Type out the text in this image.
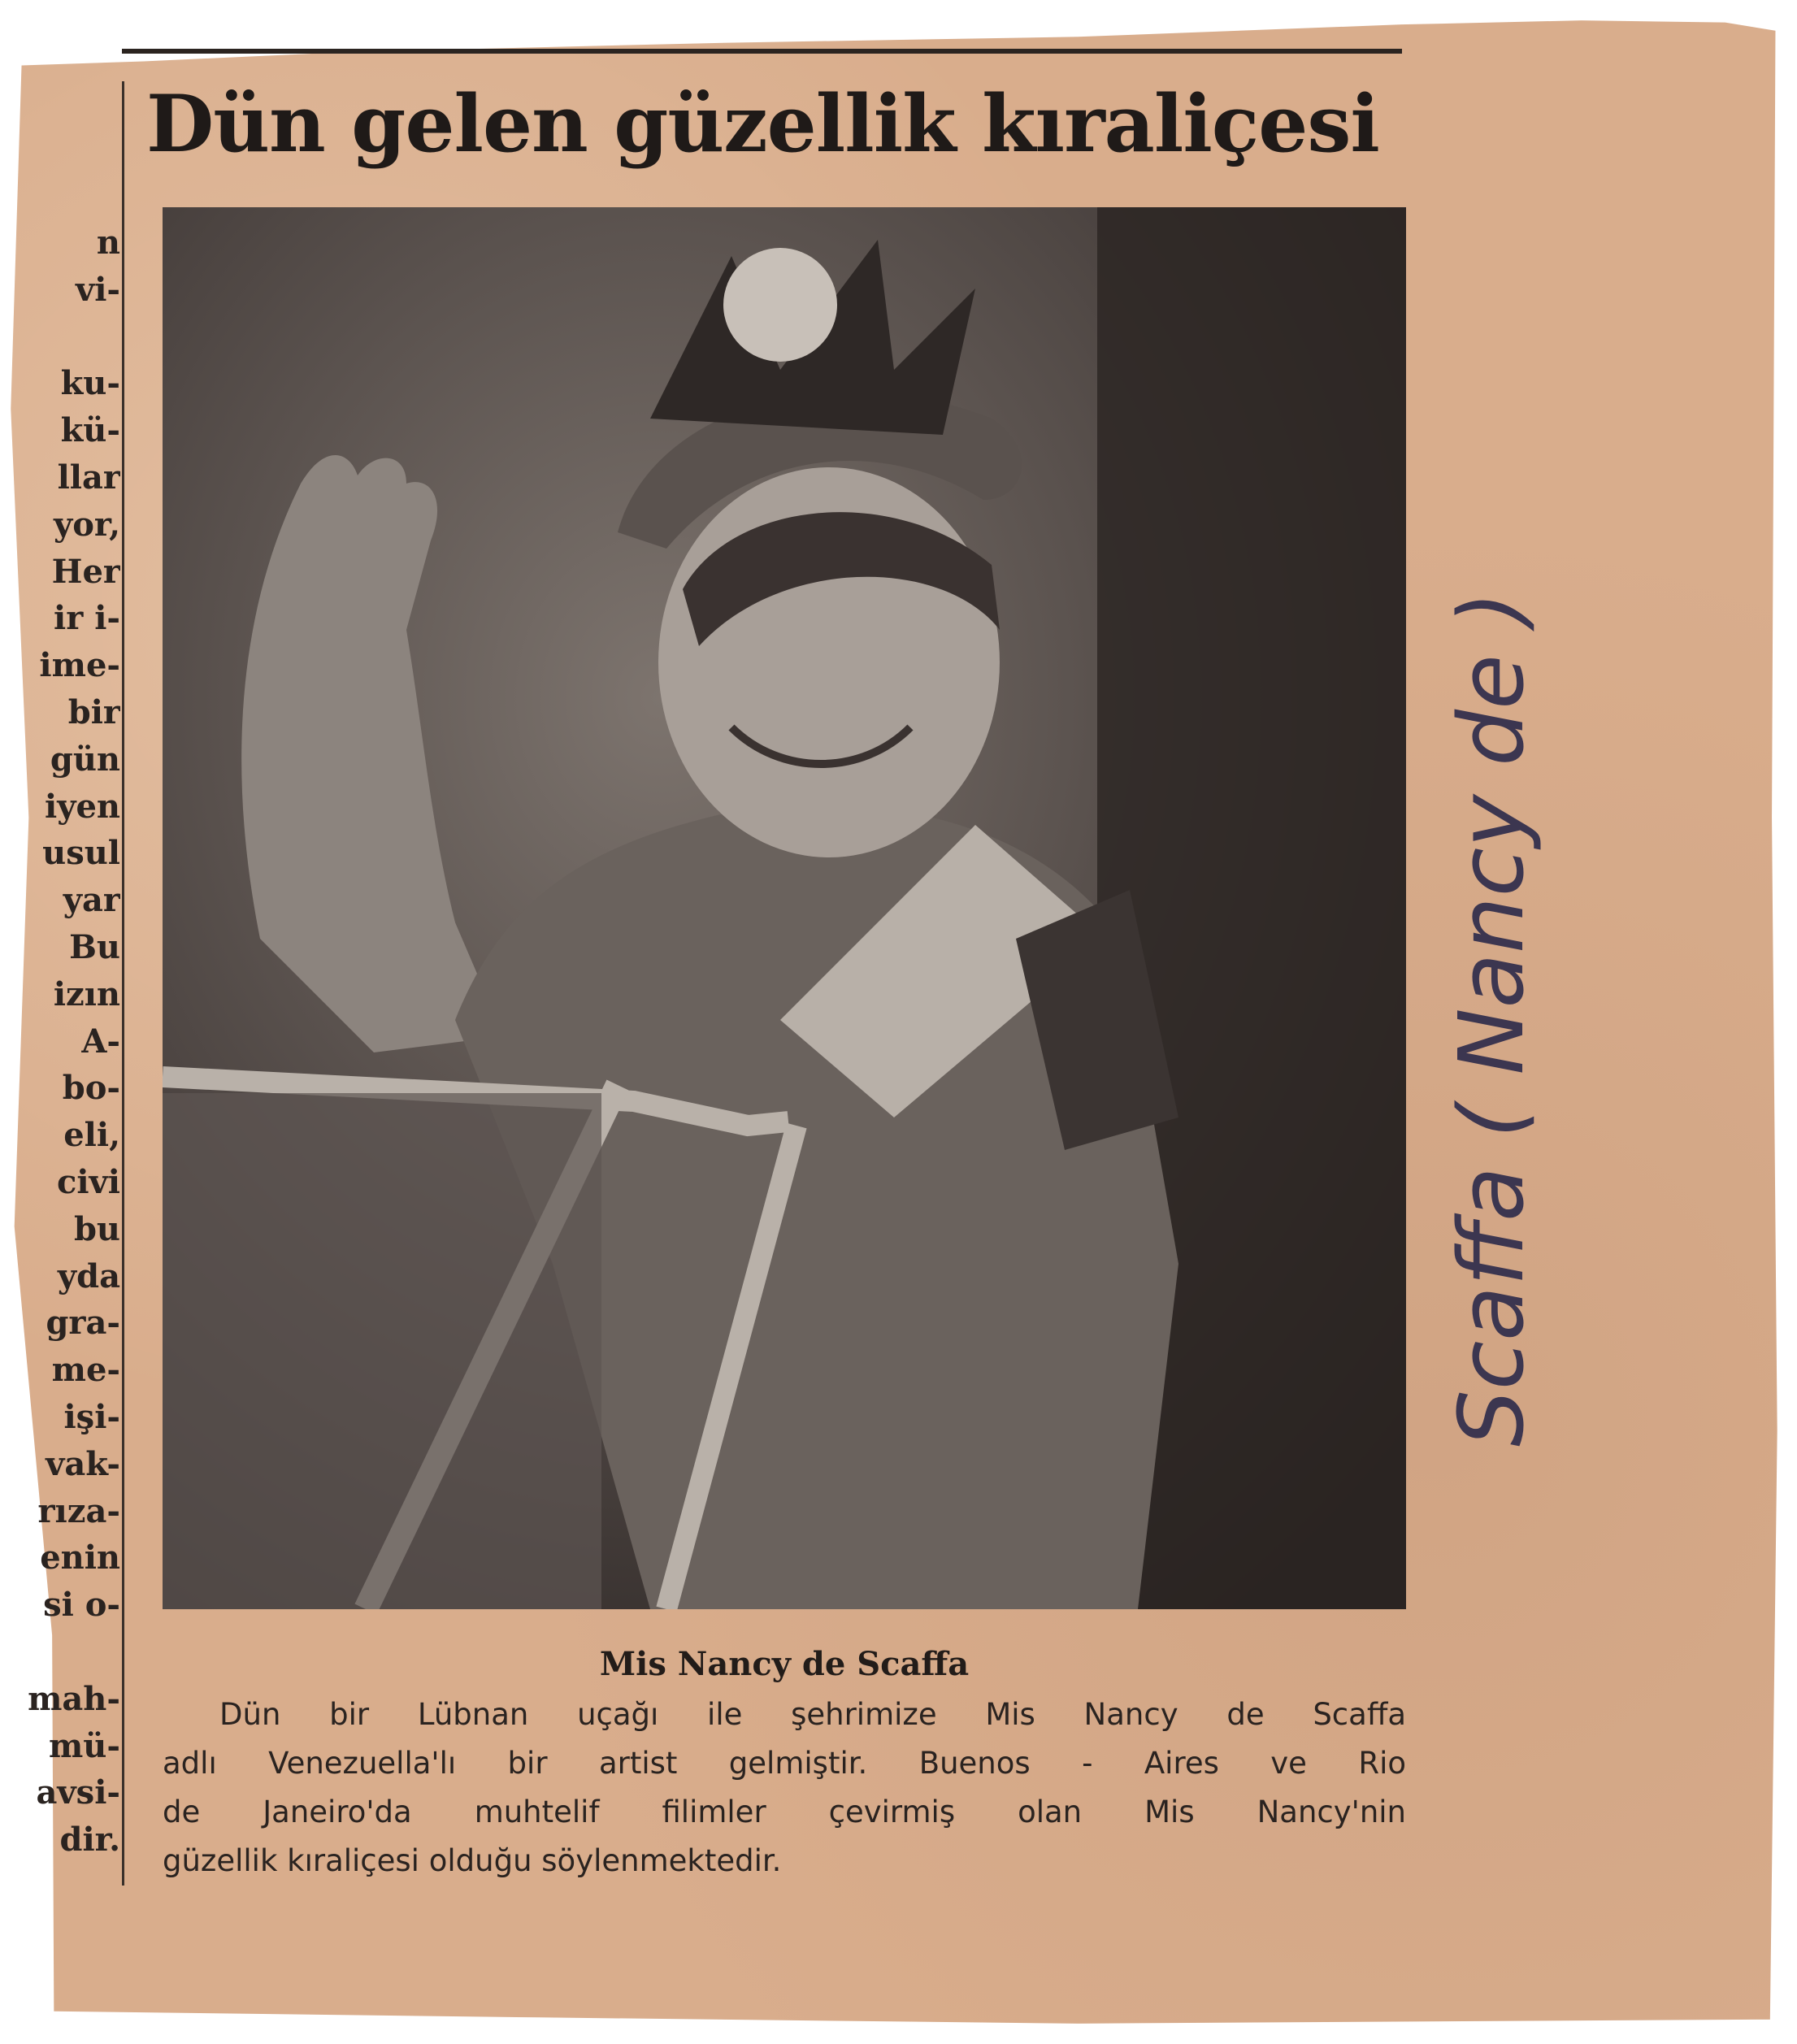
Dün gelen güzellik kıraliçesi
n
vi-
ku-
kü-
llar
yor,
Her
ir i-
ime-
bir
gün
iyen
usul
yar
Bu
izın
A-
bo-
eli,
civi
bu
yda
gra-
me-
işi-
vak-
rıza-
enin
si o-
mah-
mü-
avsi-
dir.
Mis Nancy de Scaffa
Dün bir Lübnan uçağı ile şehrimize Mis Nancy de Scaffa
adlı Venezuella'lı bir artist gelmiştir. Buenos - Aires ve Rio
de Janeiro'da muhtelif filimler çevirmiş olan Mis Nancy'nin
güzellik kıraliçesi olduğu söylenmektedir.
Scaffa ( Nancy de )
